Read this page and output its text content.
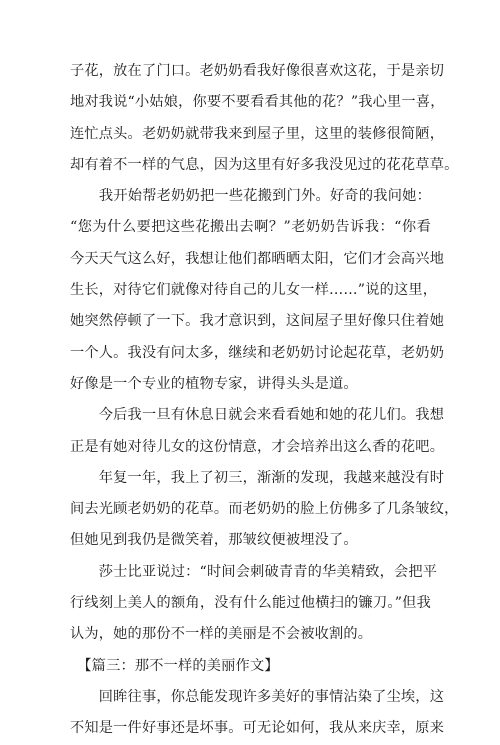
子花，放在了门口。老奶奶看我好像很喜欢这花，于是亲切
地对我说“小姑娘，你要不要看看其他的花？”我心里一喜，
连忙点头。老奶奶就带我来到屋子里，这里的装修很简陋，
却有着不一样的气息，因为这里有好多我没见过的花花草草。
　　我开始帮老奶奶把一些花搬到门外。好奇的我问她：
“您为什么要把这些花搬出去啊？”老奶奶告诉我：“你看
今天天气这么好，我想让他们都晒晒太阳，它们才会高兴地
生长，对待它们就像对待自己的儿女一样……”说的这里，
她突然停顿了一下。我才意识到，这间屋子里好像只住着她
一个人。我没有问太多，继续和老奶奶讨论起花草，老奶奶
好像是一个专业的植物专家，讲得头头是道。
　　今后我一旦有休息日就会来看看她和她的花儿们。我想
正是有她对待儿女的这份情意，才会培养出这么香的花吧。
　　年复一年，我上了初三，渐渐的发现，我越来越没有时
间去光顾老奶奶的花草。而老奶奶的脸上仿佛多了几条皱纹，
但她见到我仍是微笑着，那皱纹便被埋没了。
　　莎士比亚说过：“时间会刺破青青的华美精致，会把平
行线刻上美人的额角，没有什么能过他横扫的镰刀。”但我
认为，她的那份不一样的美丽是不会被收割的。
　【篇三：那不一样的美丽作文】
　　回眸往事，你总能发现许多美好的事情沾染了尘埃，这
不知是一件好事还是坏事。可无论如何，我从来庆幸，原来
